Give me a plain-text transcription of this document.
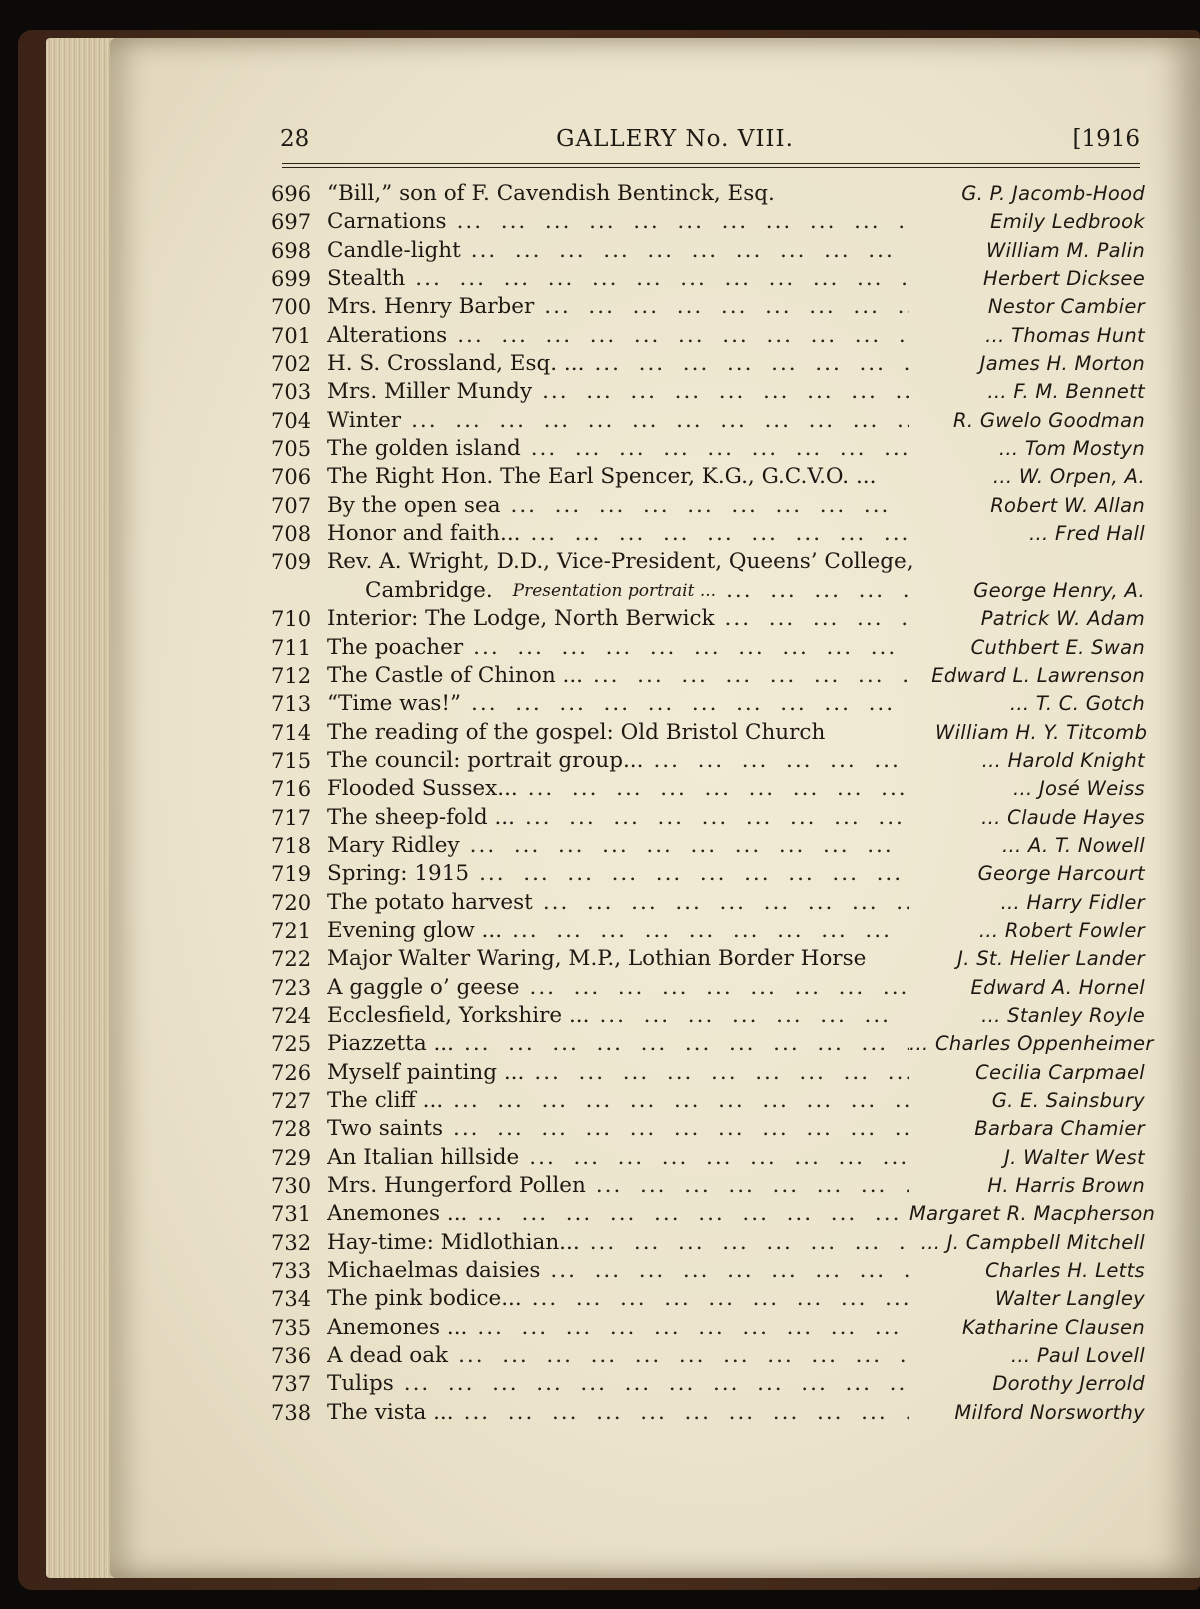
28	GALLERY No. VIII.	[1916
696 “Bill,” son of F. Cavendish Bentinck, Esq.	G. P. Jacomb-Hood
697 Carnations ...	Emily Ledbrook
698 Candle-light ...	William M. Palin
699 Stealth ...	Herbert Dicksee
700 Mrs. Henry Barber ...	Nestor Cambier
701 Alterations ...	... Thomas Hunt
702 H. S. Crossland, Esq. ... ...	James H. Morton
703 Mrs. Miller Mundy ...	... F. M. Bennett
704 Winter ...	R. Gwelo Goodman
705 The golden island ...	... Tom Mostyn
706 The Right Hon. The Earl Spencer, K.G., G.C.V.O. ...	... W. Orpen, A.
707 By the open sea ...	Robert W. Allan
708 Honor and faith... ...	... Fred Hall
709 Rev. A. Wright, D.D., Vice-President, Queens’ College,
Cambridge.	Presentation portrait ... ...	George Henry, A.
710 Interior: The Lodge, North Berwick ...	Patrick W. Adam
711 The poacher ...	Cuthbert E. Swan
712 The Castle of Chinon ... ...	Edward L. Lawrenson
713 “Time was!” ...	... T. C. Gotch
714 The reading of the gospel: Old Bristol Church	William H. Y. Titcomb
715 The council: portrait group... ...	... Harold Knight
716 Flooded Sussex... ...	... José Weiss
717 The sheep-fold ... ...	... Claude Hayes
718 Mary Ridley ...	... A. T. Nowell
719 Spring: 1915 ...	George Harcourt
720 The potato harvest ...	... Harry Fidler
721 Evening glow ... ...	... Robert Fowler
722 Major Walter Waring, M.P., Lothian Border Horse	J. St. Helier Lander
723 A gaggle o’ geese ...	Edward A. Hornel
724 Ecclesfield, Yorkshire ... ...	... Stanley Royle
725 Piazzetta ... ...	... Charles Oppenheimer
726 Myself painting ... ...	Cecilia Carpmael
727 The cliff ... ...	G. E. Sainsbury
728 Two saints ...	Barbara Chamier
729 An Italian hillside ...	J. Walter West
730 Mrs. Hungerford Pollen ...	H. Harris Brown
731 Anemones ... ...	Margaret R. Macpherson
732 Hay-time: Midlothian... ...	... J. Campbell Mitchell
733 Michaelmas daisies ...	Charles H. Letts
734 The pink bodice... ...	Walter Langley
735 Anemones ... ...	Katharine Clausen
736 A dead oak ...	... Paul Lovell
737 Tulips ...	Dorothy Jerrold
738 The vista ... ...	Milford Norsworthy
